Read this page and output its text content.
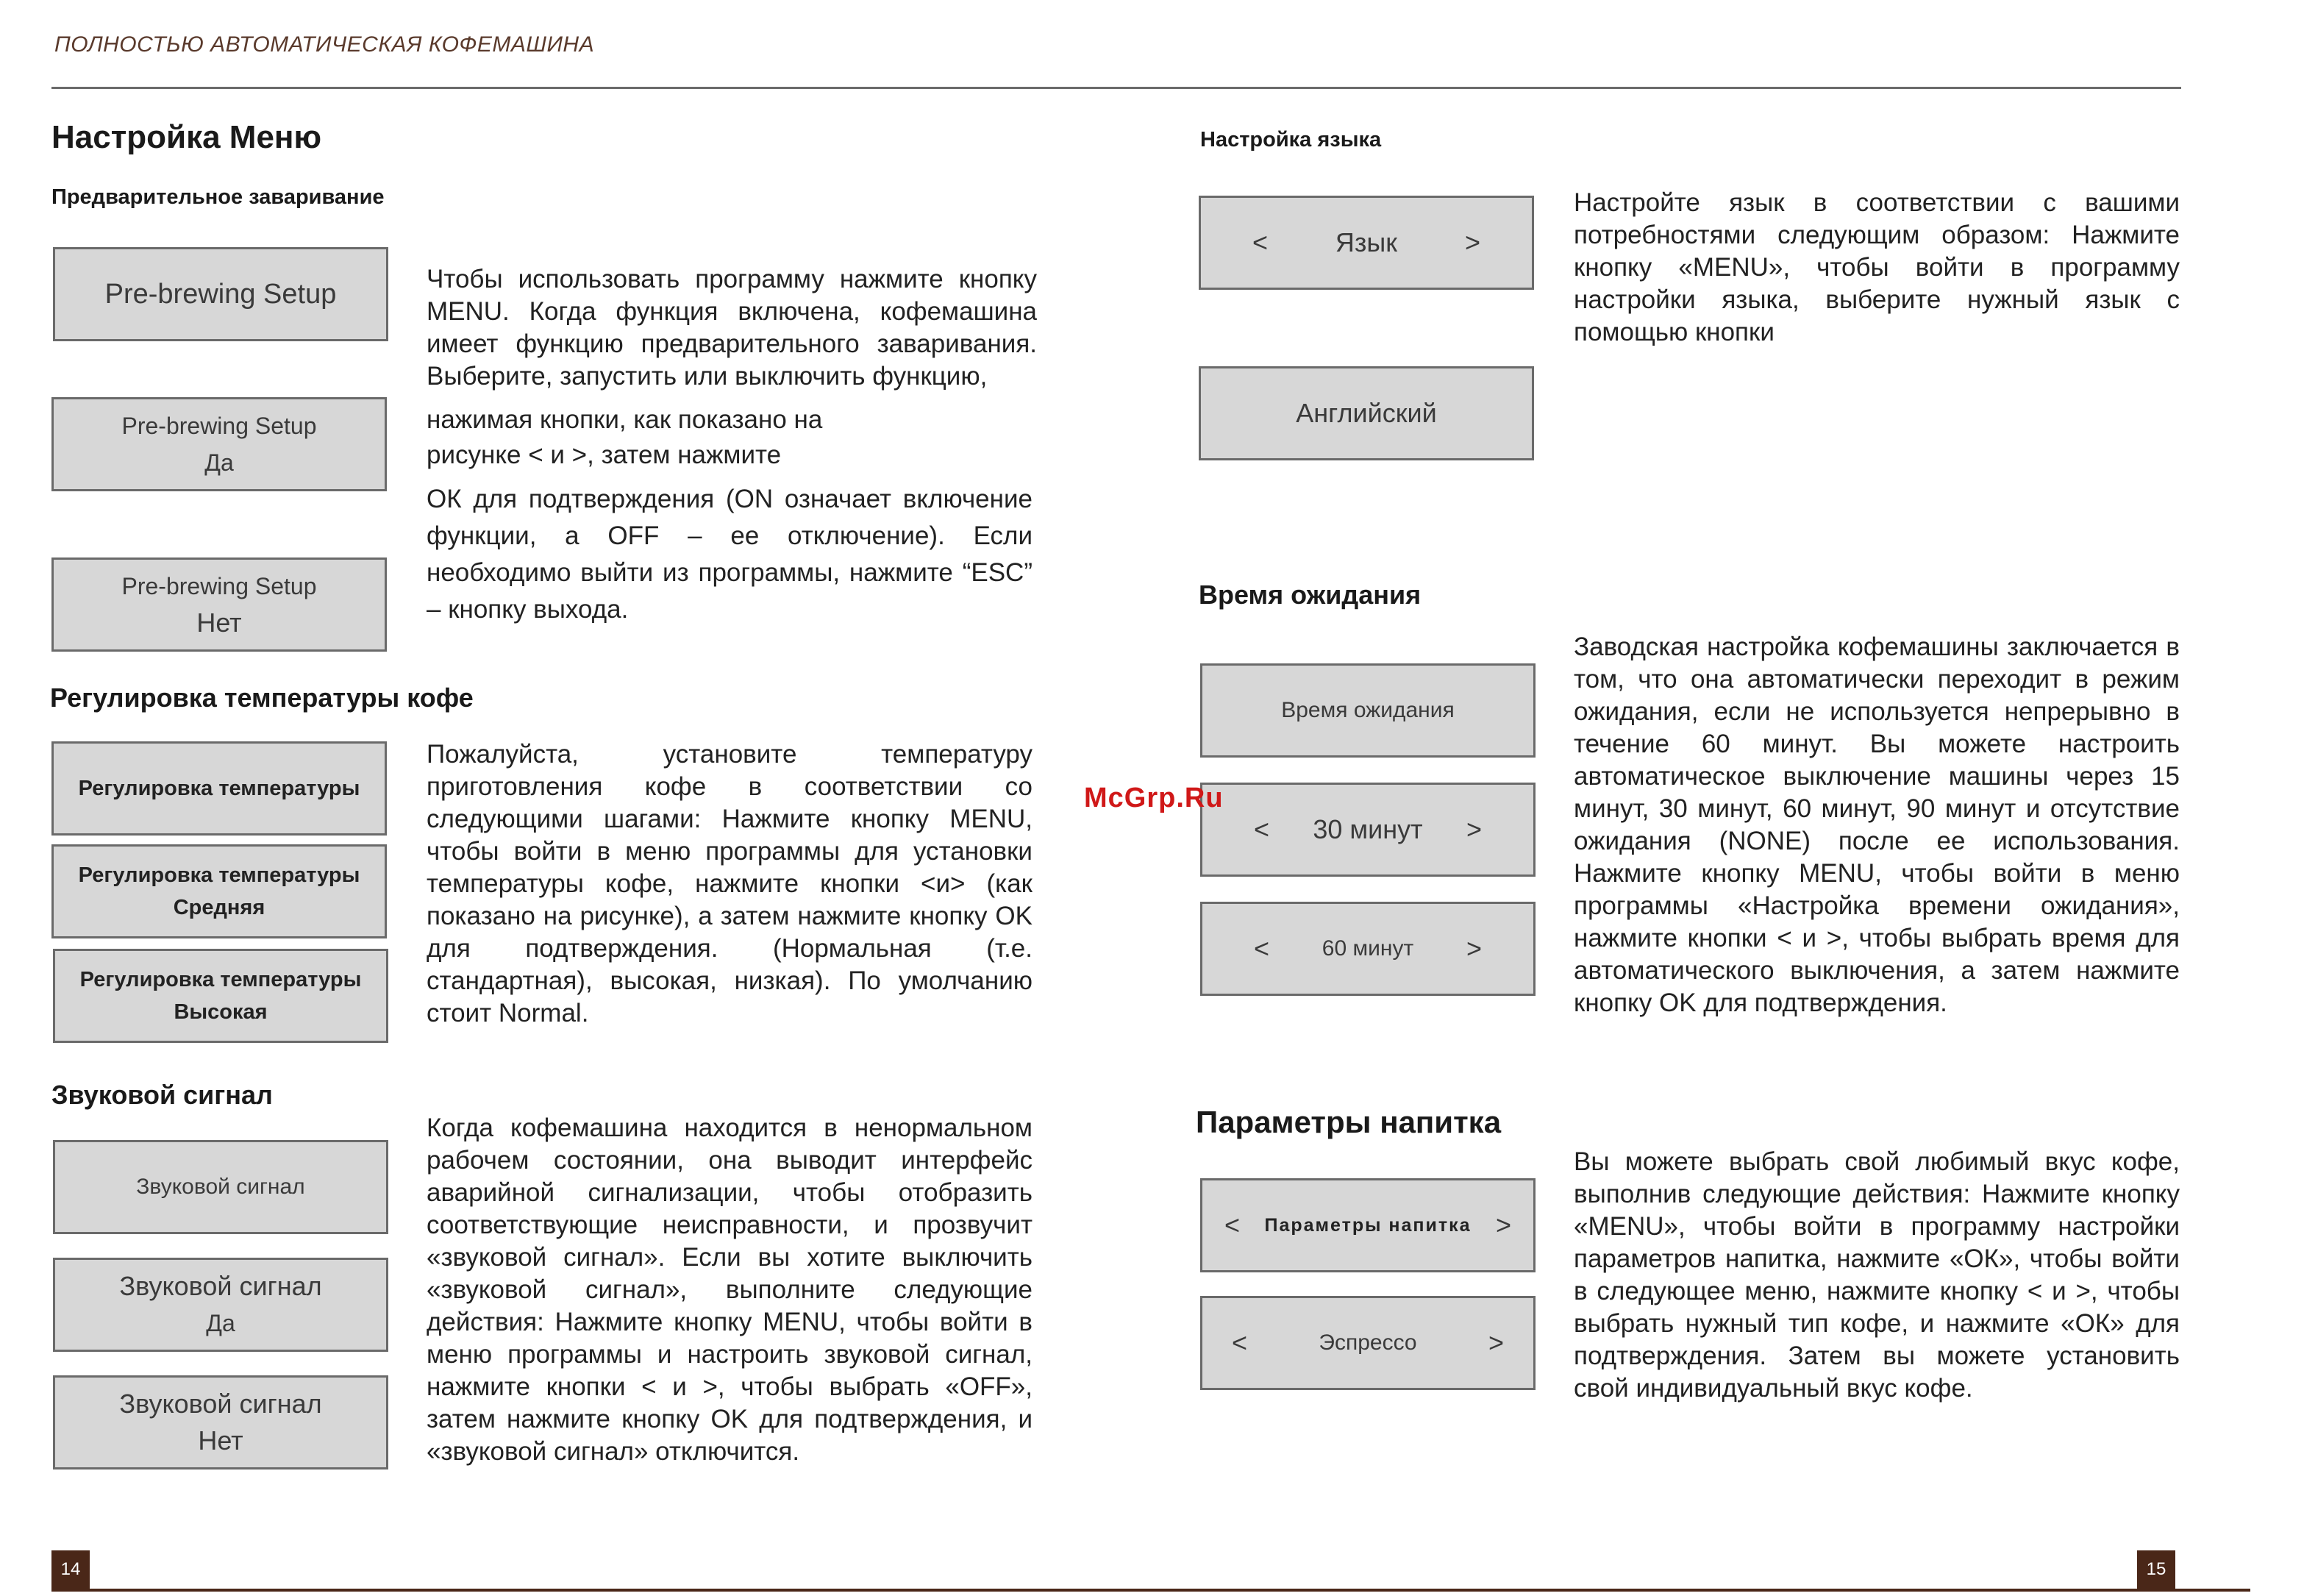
ПОЛНОСТЬЮ АВТОМАТИЧЕСКАЯ КОФЕМАШИНА
Настройка Меню
Предварительное заваривание
Pre-brewing Setup
Pre-brewing Setup
Да
Pre-brewing Setup
Нет
Чтобы использовать программу нажмите кнопку MENU. Когда функция включена, кофемашина имеет функцию предварительного заваривания. Выберите, запустить или выключить функцию,
нажимая кнопки, как показано на
рисунке < и >, затем нажмите
ОК для подтверждения (ON означает включение функции, а OFF – ее отключение). Если необходимо выйти из программы, нажмите “ESC” – кнопку выхода.
Регулировка температуры кофе
Регулировка температуры
Регулировка температуры
Средняя
Регулировка температуры
Высокая
Пожалуйста, установите температуру приготовления кофе в соответствии со следующими шагами: Нажмите кнопку MENU, чтобы войти в меню программы для установки температуры кофе, нажмите кнопки <и> (как показано на рисунке), а затем нажмите кнопку OK для подтверждения. (Нормальная (т.е. стандартная), высокая, низкая). По умолчанию стоит Normal.
Звуковой сигнал
Звуковой сигнал
Звуковой сигнал
Да
Звуковой сигнал
Нет
Когда кофемашина находится в ненормальном рабочем состоянии, она выводит интерфейс аварийной сигнализации, чтобы отобразить соответствующие неисправности, и прозвучит «звуковой сигнал». Если вы хотите выключить «звуковой сигнал», выполните следующие действия: Нажмите кнопку MENU, чтобы войти в меню программы и настроить звуковой сигнал, нажмите кнопки < и >, чтобы выбрать «OFF», затем нажмите кнопку OK для подтверждения, и «звуковой сигнал» отключится.
14
Настройка языка
<	Язык	>
Английский
Настройте язык в соответствии с вашими потребностями следующим образом: Нажмите кнопку «MENU», чтобы войти в программу настройки языка, выберите нужный язык с помощью кнопки
Время ожидания
Время ожидания
< 30 минут >
< 60 минут >
Заводская настройка кофемашины заключается в том, что она автоматически переходит в режим ожидания, если не используется непрерывно в течение 60 минут. Вы можете настроить автоматическое выключение машины через 15 минут, 30 минут, 60 минут, 90 минут и отсутствие ожидания (NONE) после ее использования. Нажмите кнопку MENU, чтобы войти в меню программы «Настройка времени ожидания», нажмите кнопки < и >, чтобы выбрать время для автоматического выключения, а затем нажмите кнопку OK для подтверждения.
McGrp.Ru
Параметры напитка
< Параметры напитка >
<	Эспрессо	>
Вы можете выбрать свой любимый вкус кофе, выполнив следующие действия: Нажмите кнопку «MENU», чтобы войти в программу настройки параметров напитка, нажмите «ОК», чтобы войти в следующее меню, нажмите кнопку < и >, чтобы выбрать нужный тип кофе, и нажмите «ОК» для подтверждения. Затем вы можете установить свой индивидуальный вкус кофе.
15
